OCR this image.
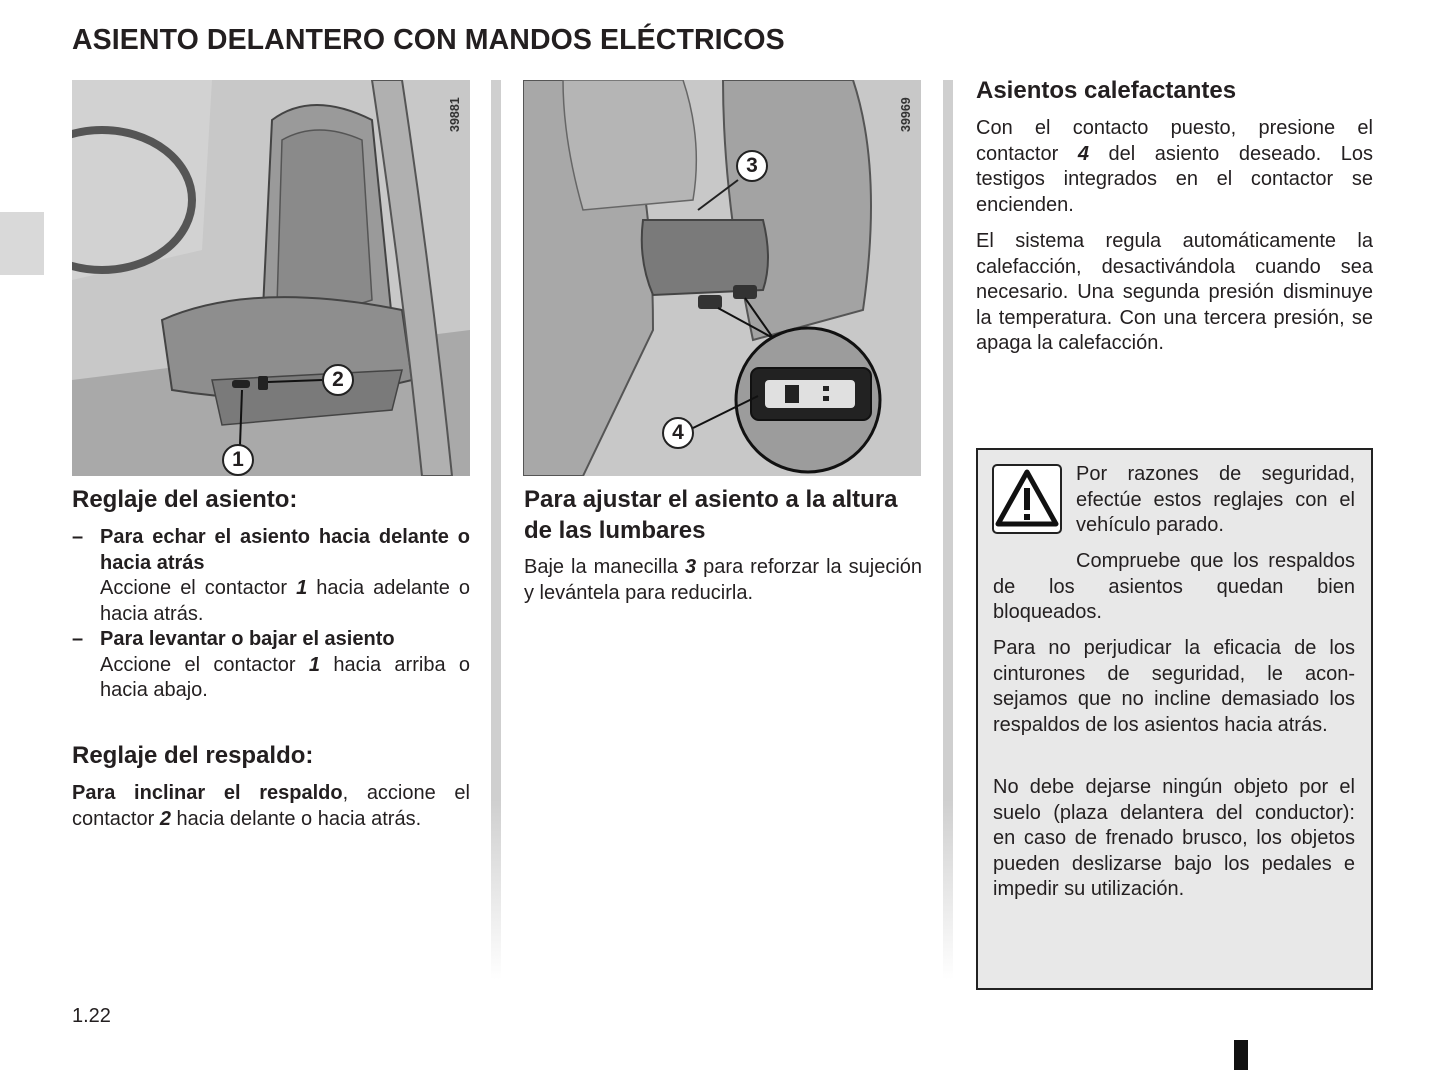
ASIENTO DELANTERO CON MANDOS ELÉCTRICOS
1
2
39881
3
4
39969
Reglaje del asiento:
– Para echar el asiento hacia delante o hacia atrás
Accione el contactor 1 hacia adelante o hacia atrás.
– Para levantar o bajar el asiento
Accione el contactor 1 hacia arriba o hacia abajo.
Reglaje del respaldo:

Para inclinar el respaldo, accione el contactor 2 hacia delante o hacia atrás.

Para ajustar el asiento a la altura de las lumbares

Baje la manecilla 3 para reforzar la sujeción y levántela para reducirla.

Asientos calefactantes

Con el contacto puesto, presione el contactor 4 del asiento deseado. Los testigos integrados en el contactor se encienden.

El sistema regula automáticamente la calefacción, desactivándola cuando sea necesario. Una segunda presión disminuye la temperatura. Con una tercera presión, se apaga la calefacción.

Por razones de seguridad, efectúe estos reglajes con el vehículo parado.

Compruebe que los respaldos de los asientos quedan bien bloqueados.

Para no perjudicar la eficacia de los cinturones de seguridad, le aconsejamos que no incline demasiado los respaldos de los asientos hacia atrás.

No debe dejarse ningún objeto por el suelo (plaza delantera del conductor): en caso de frenado brusco, los objetos pueden deslizarse bajo los pedales e impedir su utilización.

1.22
